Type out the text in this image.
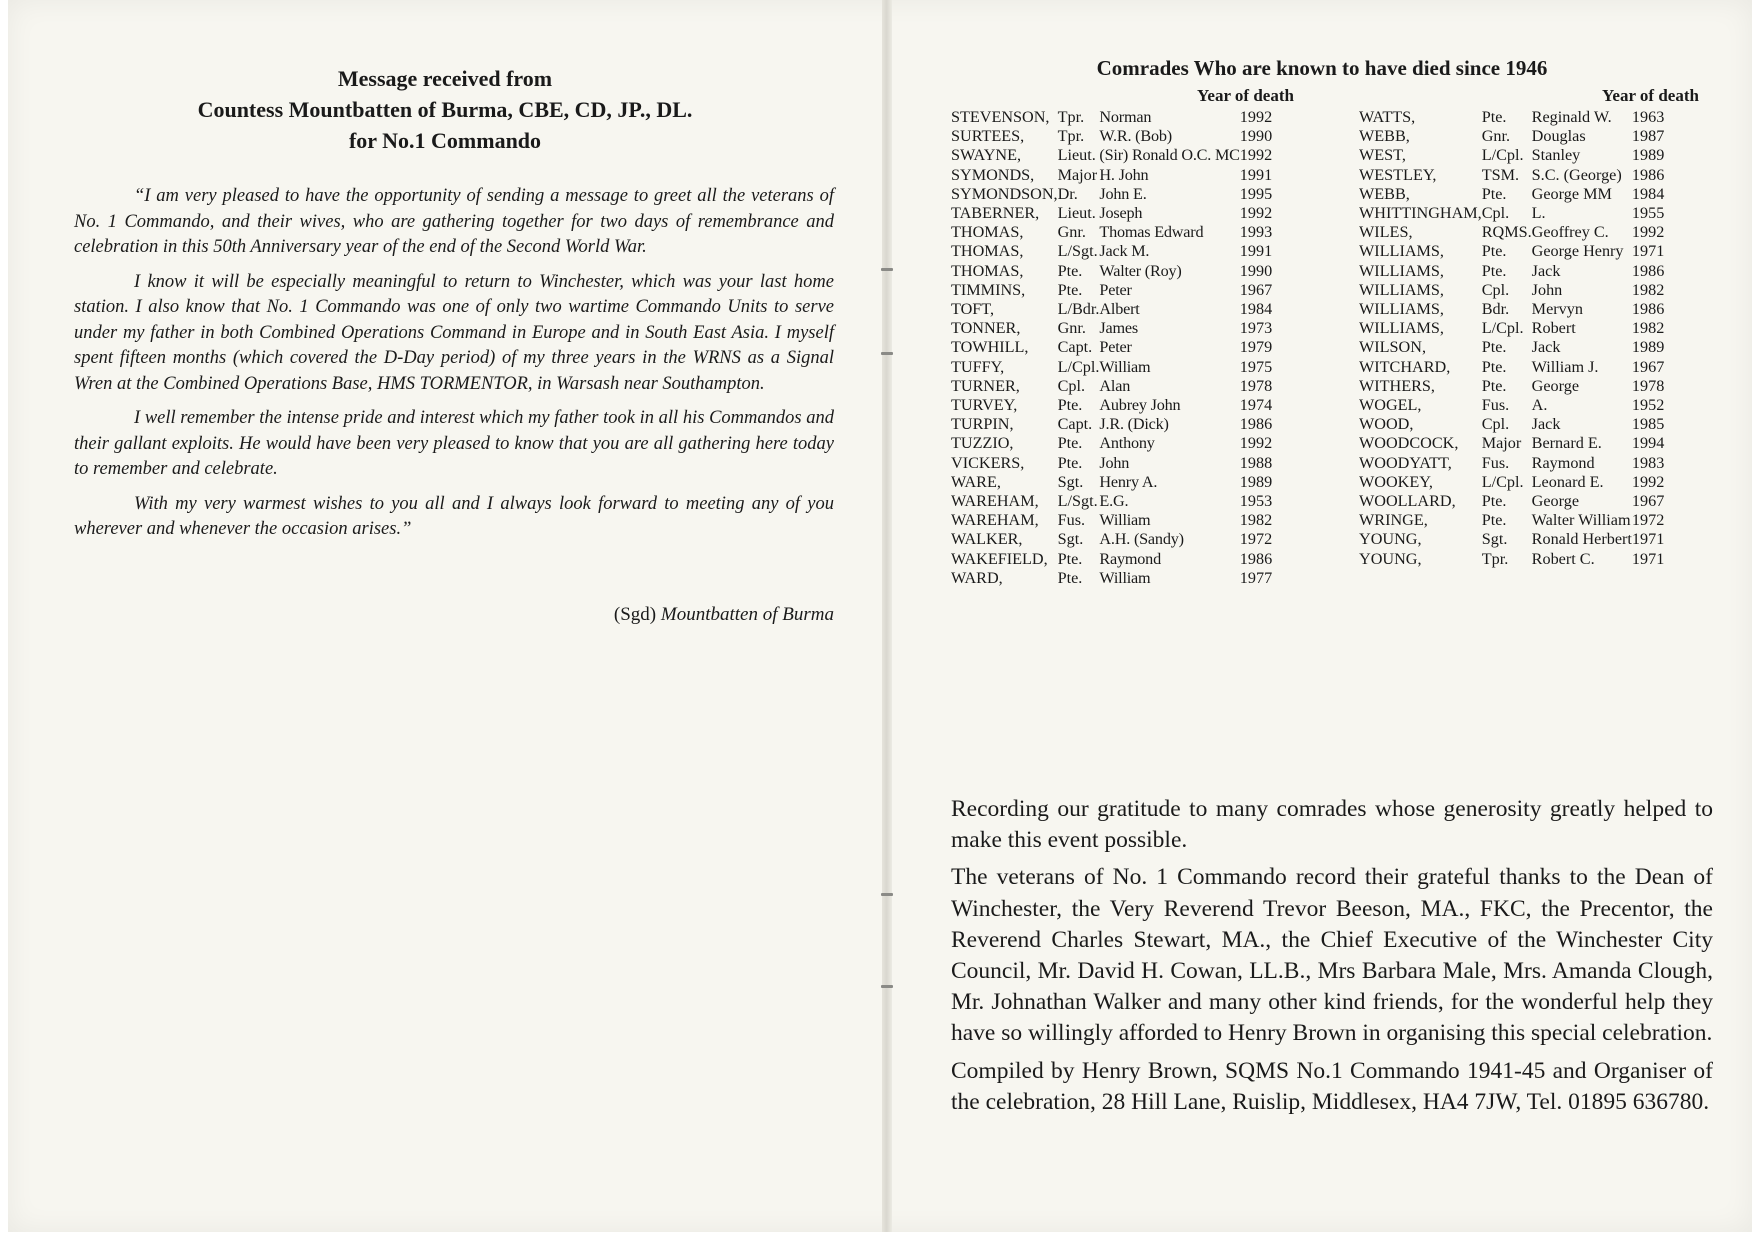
Message received from
Countess Mountbatten of Burma, CBE, CD, JP., DL.
for No.1 Commando

“I am very pleased to have the opportunity of sending a message to greet all the veterans of No. 1 Commando, and their wives, who are gathering together for two days of remembrance and celebration in this 50th Anniversary year of the end of the Second World War.

I know it will be especially meaningful to return to Winchester, which was your last home station. I also know that No. 1 Commando was one of only two wartime Commando Units to serve under my father in both Combined Operations Command in Europe and in South East Asia. I myself spent fifteen months (which covered the D-Day period) of my three years in the WRNS as a Signal Wren at the Combined Operations Base, HMS TORMENTOR, in Warsash near Southampton.

I well remember the intense pride and interest which my father took in all his Commandos and their gallant exploits. He would have been very pleased to know that you are all gathering here today to remember and celebrate.

With my very warmest wishes to you all and I always look forward to meeting any of you wherever and whenever the occasion arises.”

(Sgd) Mountbatten of Burma
Comrades Who are known to have died since 1946
Year of death
STEVENSON,	Tpr.	Norman	1992
SURTEES,	Tpr.	W.R. (Bob)	1990
SWAYNE,	Lieut.	(Sir) Ronald O.C. MC	1992
SYMONDS,	Major	H. John	1991
SYMONDSON,	Dr.	John E.	1995
TABERNER,	Lieut.	Joseph	1992
THOMAS,	Gnr.	Thomas Edward	1993
THOMAS,	L/Sgt.	Jack M.	1991
THOMAS,	Pte.	Walter (Roy)	1990
TIMMINS,	Pte.	Peter	1967
TOFT,	L/Bdr.	Albert	1984
TONNER,	Gnr.	James	1973
TOWHILL,	Capt.	Peter	1979
TUFFY,	L/Cpl.	William	1975
TURNER,	Cpl.	Alan	1978
TURVEY,	Pte.	Aubrey John	1974
TURPIN,	Capt.	J.R. (Dick)	1986
TUZZIO,	Pte.	Anthony	1992
VICKERS,	Pte.	John	1988
WARE,	Sgt.	Henry A.	1989
WAREHAM,	L/Sgt.	E.G.	1953
WAREHAM,	Fus.	William	1982
WALKER,	Sgt.	A.H. (Sandy)	1972
WAKEFIELD,	Pte.	Raymond	1986
WARD,	Pte.	William	1977
Year of death
WATTS,	Pte.	Reginald W.	1963
WEBB,	Gnr.	Douglas	1987
WEST,	L/Cpl.	Stanley	1989
WESTLEY,	TSM.	S.C. (George)	1986
WEBB,	Pte.	George MM	1984
WHITTINGHAM,	Cpl.	L.	1955
WILES,	RQMS.	Geoffrey C.	1992
WILLIAMS,	Pte.	George Henry	1971
WILLIAMS,	Pte.	Jack	1986
WILLIAMS,	Cpl.	John	1982
WILLIAMS,	Bdr.	Mervyn	1986
WILLIAMS,	L/Cpl.	Robert	1982
WILSON,	Pte.	Jack	1989
WITCHARD,	Pte.	William J.	1967
WITHERS,	Pte.	George	1978
WOGEL,	Fus.	A.	1952
WOOD,	Cpl.	Jack	1985
WOODCOCK,	Major	Bernard E.	1994
WOODYATT,	Fus.	Raymond	1983
WOOKEY,	L/Cpl.	Leonard E.	1992
WOOLLARD,	Pte.	George	1967
WRINGE,	Pte.	Walter William	1972
YOUNG,	Sgt.	Ronald Herbert	1971
YOUNG,	Tpr.	Robert C.	1971

Recording our gratitude to many comrades whose generosity greatly helped to make this event possible.

The veterans of No. 1 Commando record their grateful thanks to the Dean of Winchester, the Very Reverend Trevor Beeson, MA., FKC, the Precentor, the Reverend Charles Stewart, MA., the Chief Executive of the Winchester City Council, Mr. David H. Cowan, LL.B., Mrs Barbara Male, Mrs. Amanda Clough, Mr. Johnathan Walker and many other kind friends, for the wonderful help they have so willingly afforded to Henry Brown in organising this special celebration.

Compiled by Henry Brown, SQMS No.1 Commando 1941-45 and Organiser of the celebration, 28 Hill Lane, Ruislip, Middlesex, HA4 7JW, Tel. 01895 636780.
